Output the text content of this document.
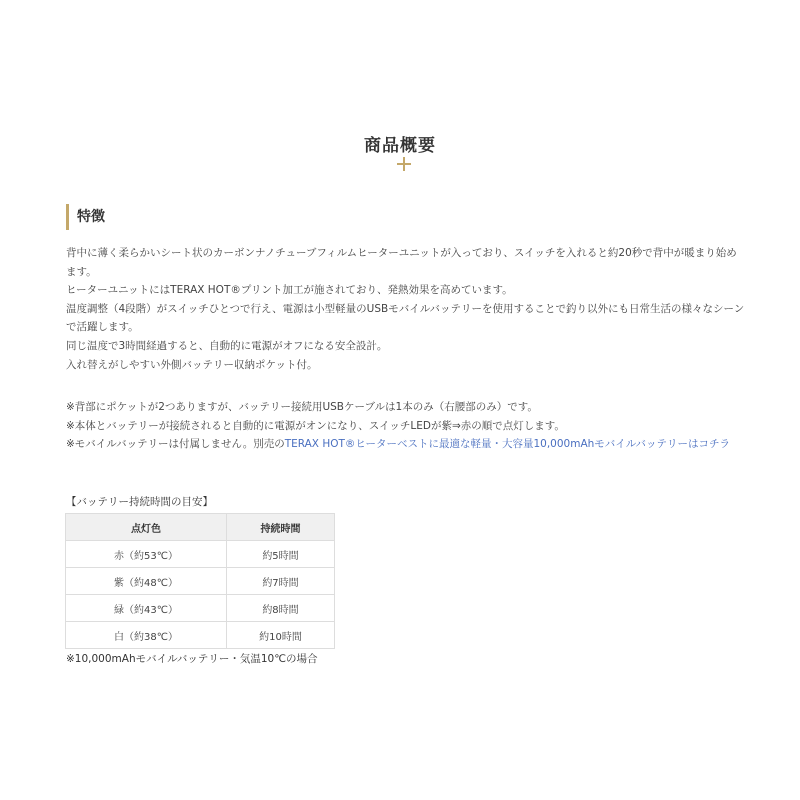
商品概要
特徴

背中に薄く柔らかいシート状のカーボンナノチューブフィルムヒーターユニットが入っており、スイッチを入れると約20秒で背中が暖まり始めます。

ヒーターユニットにはTERAX HOT®プリント加工が施されており、発熱効果を高めています。

温度調整（4段階）がスイッチひとつで行え、電源は小型軽量のUSBモバイルバッテリーを使用することで釣り以外にも日常生活の様々なシーンで活躍します。

同じ温度で3時間経過すると、自動的に電源がオフになる安全設計。

入れ替えがしやすい外側バッテリー収納ポケット付。

※背部にポケットが2つありますが、バッテリー接続用USBケーブルは1本のみ（右腰部のみ）です。

※本体とバッテリーが接続されると自動的に電源がオンになり、スイッチLEDが紫⇒赤の順で点灯します。

※モバイルバッテリーは付属しません。別売のTERAX HOT®ヒーターベストに最適な軽量・大容量10,000mAhモバイルバッテリーはコチラ

【バッテリー持続時間の目安】
点灯色	持続時間
赤（約53℃）	約5時間
紫（約48℃）	約7時間
緑（約43℃）	約8時間
白（約38℃）	約10時間
※10,000mAhモバイルバッテリー・気温10℃の場合
